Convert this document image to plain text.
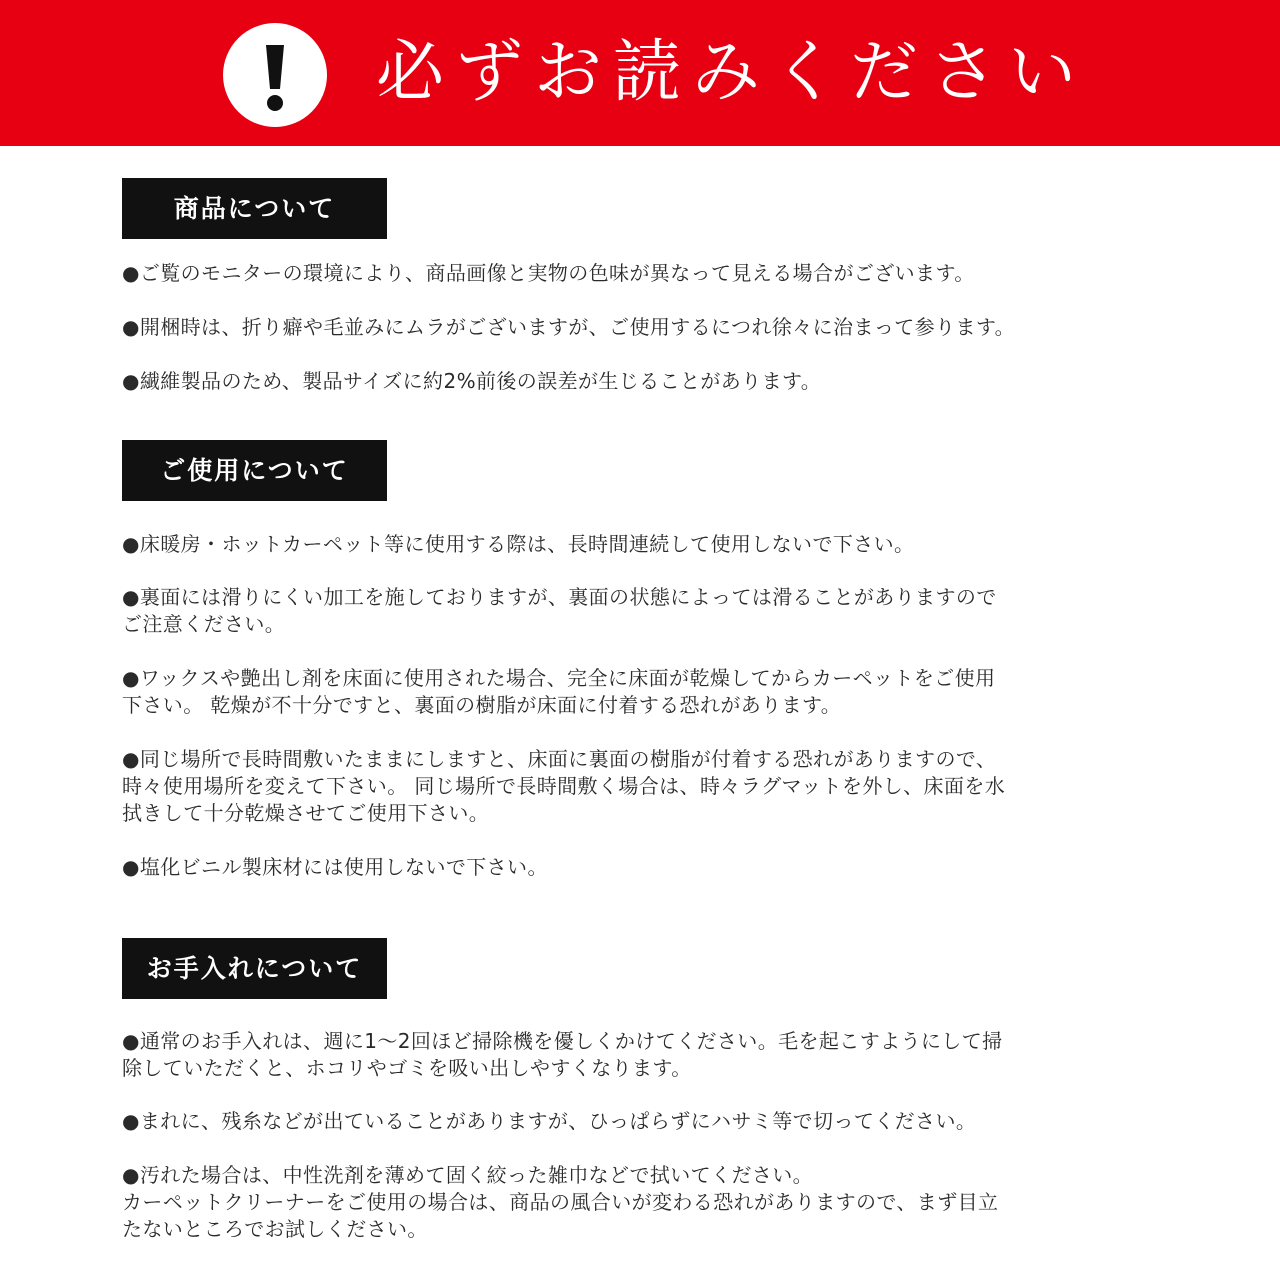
必ずお読みください
商品について
●ご覧のモニターの環境により、商品画像と実物の色味が異なって見える場合がございます。
●開梱時は、折り癖や毛並みにムラがございますが、ご使用するにつれ徐々に治まって参ります。
●繊維製品のため、製品サイズに約2%前後の誤差が生じることがあります。
ご使用について
●床暖房・ホットカーペット等に使用する際は、長時間連続して使用しないで下さい。
●裏面には滑りにくい加工を施しておりますが、裏面の状態によっては滑ることがありますので
ご注意ください。
●ワックスや艶出し剤を床面に使用された場合、完全に床面が乾燥してからカーペットをご使用
下さい。 乾燥が不十分ですと、裏面の樹脂が床面に付着する恐れがあります。
●同じ場所で長時間敷いたままにしますと、床面に裏面の樹脂が付着する恐れがありますので、
時々使用場所を変えて下さい。 同じ場所で長時間敷く場合は、時々ラグマットを外し、床面を水
拭きして十分乾燥させてご使用下さい。
●塩化ビニル製床材には使用しないで下さい。
お手入れについて
●通常のお手入れは、週に1〜2回ほど掃除機を優しくかけてください。毛を起こすようにして掃
除していただくと、ホコリやゴミを吸い出しやすくなります。
●まれに、残糸などが出ていることがありますが、ひっぱらずにハサミ等で切ってください。
●汚れた場合は、中性洗剤を薄めて固く絞った雑巾などで拭いてください。
カーペットクリーナーをご使用の場合は、商品の風合いが変わる恐れがありますので、まず目立
たないところでお試しください。
